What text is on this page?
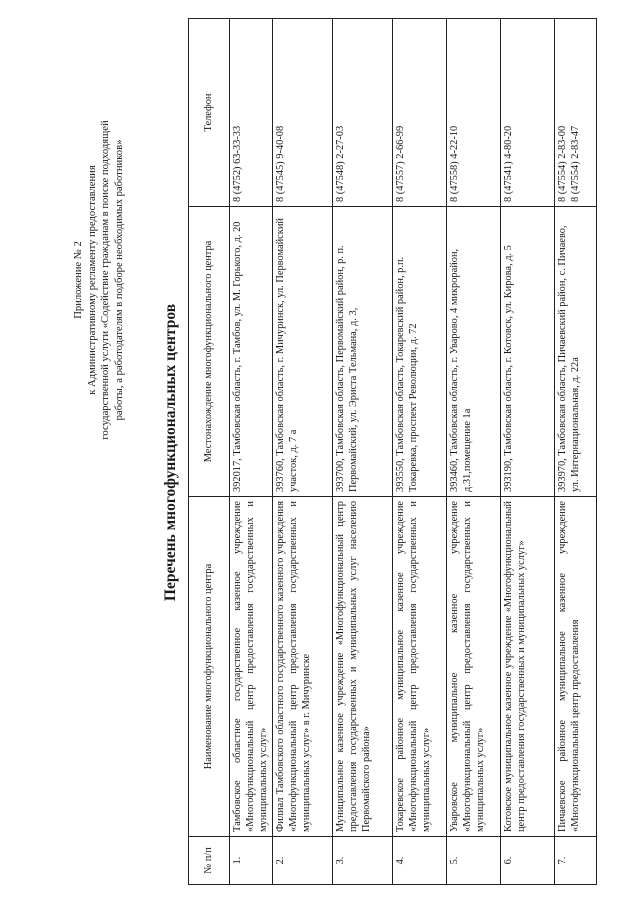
Приложение № 2 к Административному регламенту предоставления государственной услуги «Содействие гражданам в поиске подходящей работы, а работодателям в подборе необходимых работников»
Перечень многофункциональных центров
№ п/п	Наименование многофункционального центра	Местонахождение многофункционального центра	Телефон
1.	Тамбовское областное государственное казенное учреждение «Многофункциональный центр предоставления государственных и муниципальных услуг»	392017, Тамбовская область, г. Тамбов, ул. М. Горького, д. 20	8 (4752) 63-33-33
2.	Филиал Тамбовского областного государственного казенного учреждения «Многофункциональный центр предоставления государственных и муниципальных услуг» в г. Мичуринске	393760, Тамбовская область, г. Мичуринск, ул. Первомайский участок, д. 7 а	8 (47545) 9-40-08
3.	Муниципальное казенное учреждение «Многофункциональный центр предоставления государственных и муниципальных услуг населению Первомайского района»	393700, Тамбовская область, Первомайский район, р. п. Первомайский, ул. Эриста Тельмана, д. 3,	8 (47548) 2-27-03
4.	Токаревское районное муниципальное казенное учреждение «Многофункциональный центр предоставления государственных и муниципальных услуг»	393550, Тамбовская область, Токаревский район, р.п. Токаревка, проспект Революции, д. 72	8 (47557) 2-66-99
5.	Уваровское муниципальное казенное учреждение «Многофункциональный центр предоставления государственных и муниципальных услуг»	393460, Тамбовская область, г. Уварово, 4 микрорайон, д.31,помещение 1а	8 (47558) 4-22-10
6.	Котовское муниципальное казенное учреждение «Многофункциональный центр предоставления государственных и муниципальных услуг»	393190, Тамбовская область, г. Котовск, ул. Кирова, д. 5	8 (47541) 4-80-20
7.	Пичаевское районное муниципальное казенное учреждение «Многофункциональный центр предоставления	393970, Тамбовская область, Пичаевский район, с. Пичаево, ул. Интернациональная, д. 22а	8 (47554) 2-83-00
8 (47554) 2-83-47
